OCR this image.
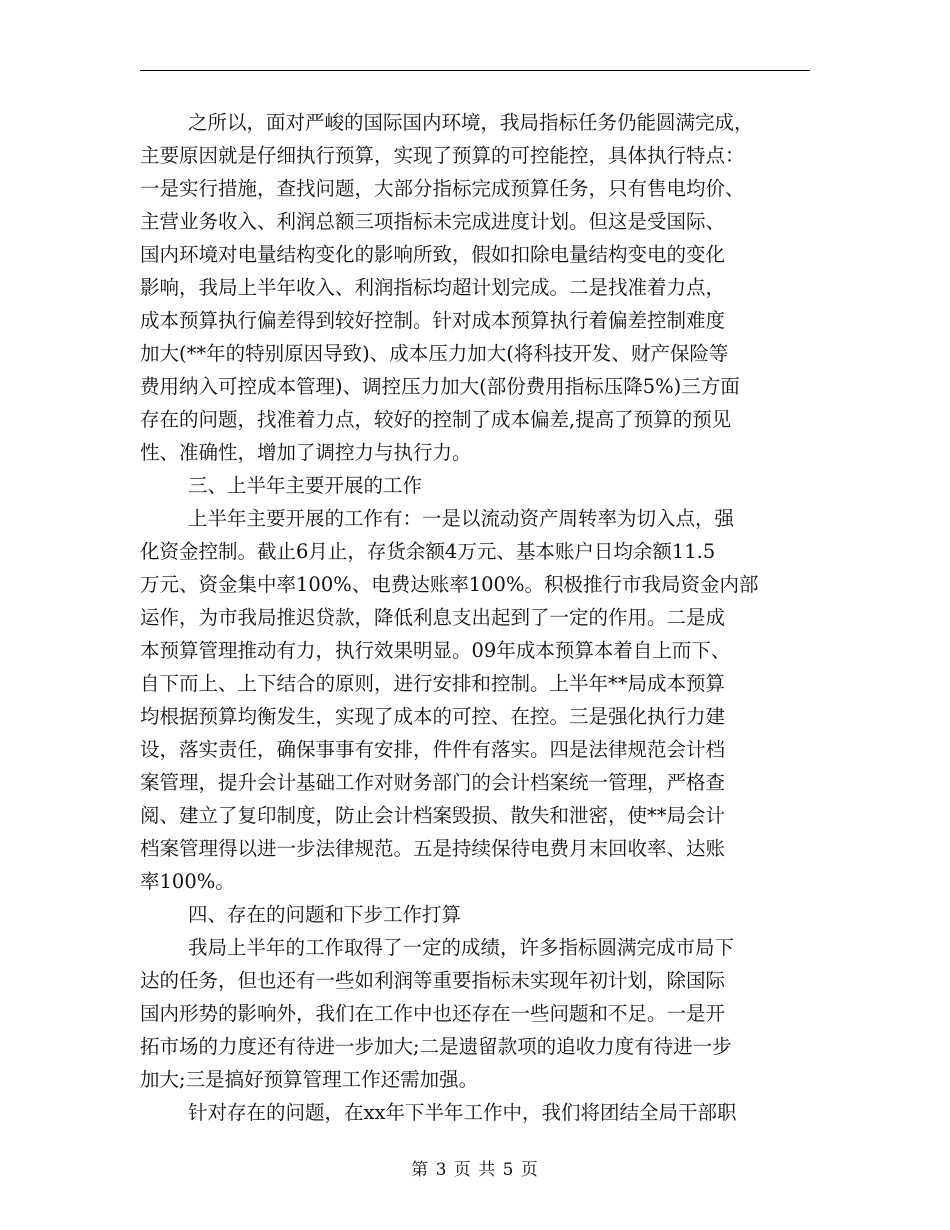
之所以，面对严峻的国际国内环境，我局指标任务仍能圆满完成，
主要原因就是仔细执行预算，实现了预算的可控能控，具体执行特点：
一是实行措施，查找问题，大部分指标完成预算任务，只有售电均价、
主营业务收入、利润总额三项指标未完成进度计划。但这是受国际、
国内环境对电量结构变化的影响所致，假如扣除电量结构变电的变化
影响，我局上半年收入、利润指标均超计划完成。二是找准着力点，
成本预算执行偏差得到较好控制。针对成本预算执行着偏差控制难度
加大(**年的特别原因导致)、成本压力加大(将科技开发、财产保险等
费用纳入可控成本管理)、调控压力加大(部份费用指标压降5%)三方面
存在的问题，找准着力点，较好的控制了成本偏差,提高了预算的预见
性、准确性，增加了调控力与执行力。
三、上半年主要开展的工作
上半年主要开展的工作有：一是以流动资产周转率为切入点，强
化资金控制。截止6月止，存货余额4万元、基本账户日均余额11.5
万元、资金集中率100%、电费达账率100%。积极推行市我局资金内部
运作，为市我局推迟贷款，降低利息支出起到了一定的作用。二是成
本预算管理推动有力，执行效果明显。09年成本预算本着自上而下、
自下而上、上下结合的原则，进行安排和控制。上半年**局成本预算
均根据预算均衡发生，实现了成本的可控、在控。三是强化执行力建
设，落实责任，确保事事有安排，件件有落实。四是法律规范会计档
案管理，提升会计基础工作对财务部门的会计档案统一管理，严格查
阅、建立了复印制度，防止会计档案毁损、散失和泄密，使**局会计
档案管理得以进一步法律规范。五是持续保待电费月末回收率、达账
率100%。
四、存在的问题和下步工作打算
我局上半年的工作取得了一定的成绩，许多指标圆满完成市局下
达的任务，但也还有一些如利润等重要指标未实现年初计划，除国际
国内形势的影响外，我们在工作中也还存在一些问题和不足。一是开
拓市场的力度还有待进一步加大;二是遗留款项的追收力度有待进一步
加大;三是搞好预算管理工作还需加强。
针对存在的问题，在xx年下半年工作中，我们将团结全局干部职
第 3 页 共 5 页
